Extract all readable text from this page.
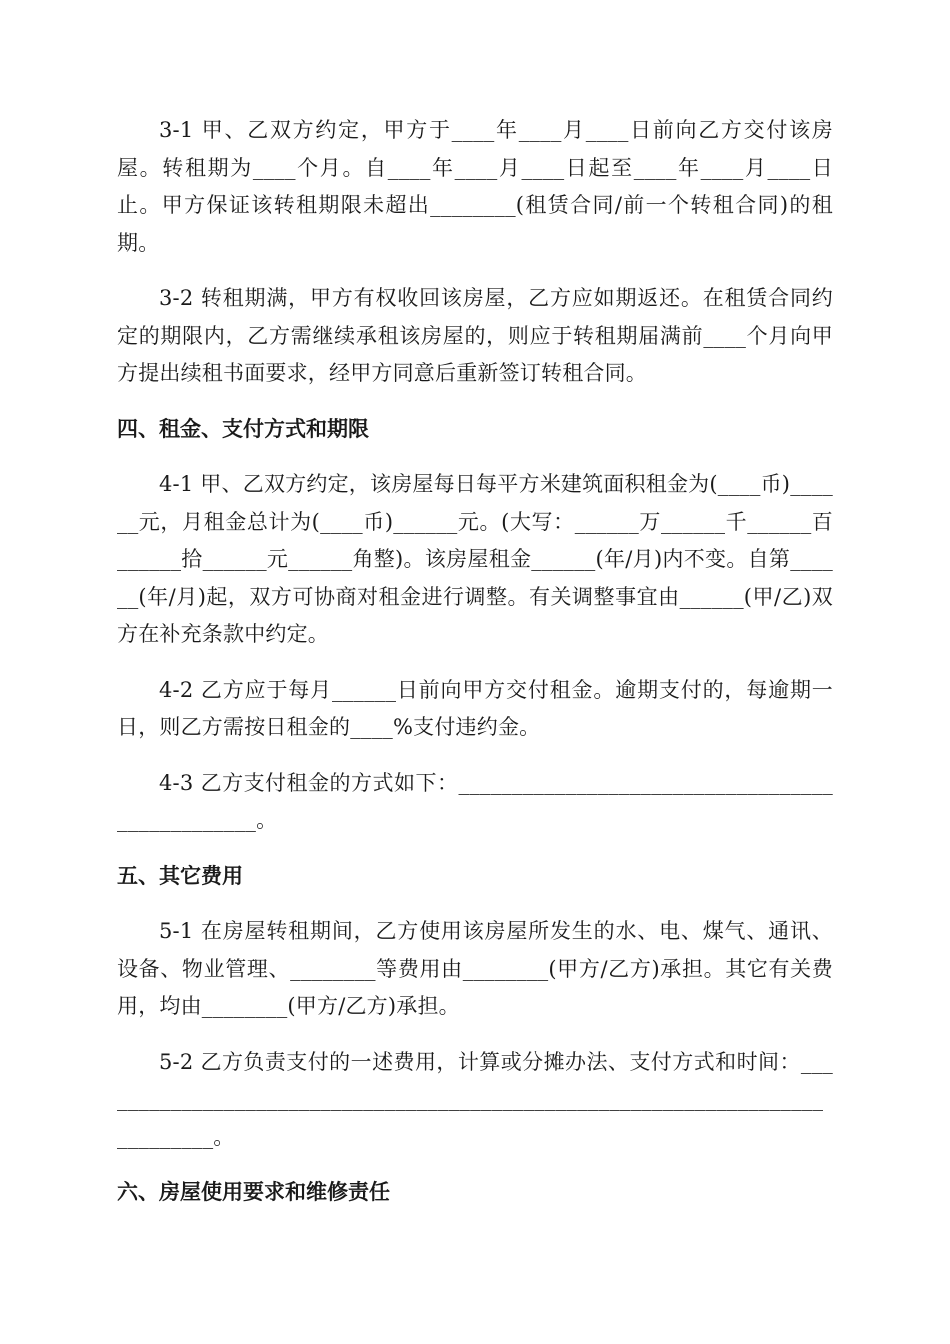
3-1 甲、乙双方约定，甲方于____年____月____日前向乙方交付该房屋。转租期为____个月。自____年____月____日起至____年____月____日止。甲方保证该转租期限未超出________(租赁合同/前一个转租合同)的租期。

3-2 转租期满，甲方有权收回该房屋，乙方应如期返还。在租赁合同约定的期限内，乙方需继续承租该房屋的，则应于转租期届满前____个月向甲方提出续租书面要求，经甲方同意后重新签订转租合同。

四、租金、支付方式和期限

4-1 甲、乙双方约定，该房屋每日每平方米建筑面积租金为(____币)______元，月租金总计为(____币)______元。(大写：______万______千______百______拾______元______角整)。该房屋租金______(年/月)内不变。自第______(年/月)起，双方可协商对租金进行调整。有关调整事宜由______(甲/乙)双方在补充条款中约定。

4-2 乙方应于每月______日前向甲方交付租金。逾期支付的，每逾期一日，则乙方需按日租金的____%支付违约金。

4-3 乙方支付租金的方式如下：________________________________________________。

五、其它费用

5-1 在房屋转租期间，乙方使用该房屋所发生的水、电、煤气、通讯、设备、物业管理、________等费用由________(甲方/乙方)承担。其它有关费用，均由________(甲方/乙方)承担。

5-2 乙方负责支付的一述费用，计算或分摊办法、支付方式和时间：______________________________________________________________________________。

六、房屋使用要求和维修责任
